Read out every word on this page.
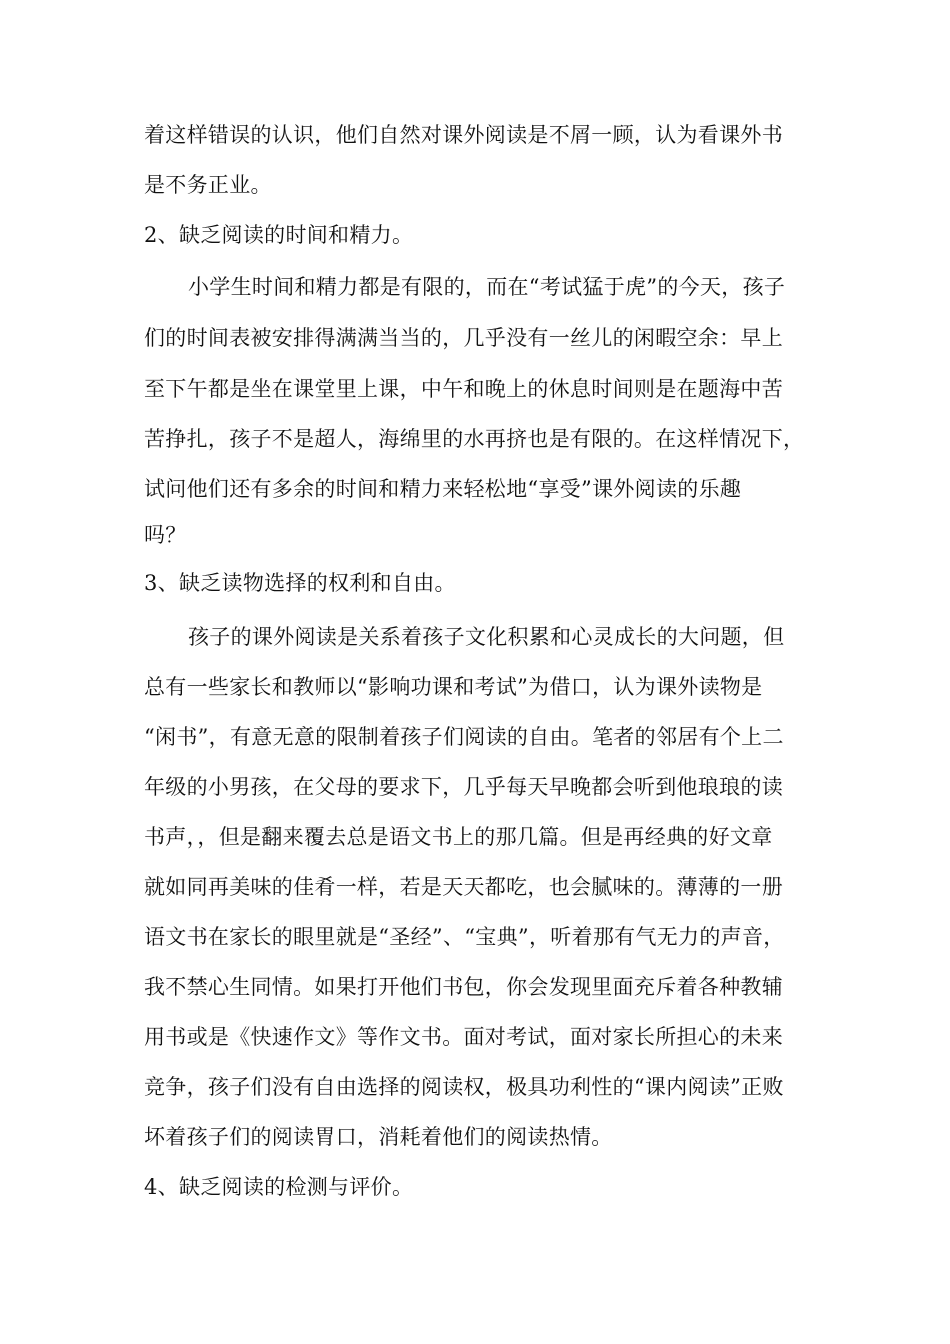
着这样错误的认识，他们自然对课外阅读是不屑一顾，认为看课外书
是不务正业。
2、缺乏阅读的时间和精力。
小学生时间和精力都是有限的，而在“考试猛于虎”的今天，孩子
们的时间表被安排得满满当当的，几乎没有一丝儿的闲暇空余：早上
至下午都是坐在课堂里上课，中午和晚上的休息时间则是在题海中苦
苦挣扎，孩子不是超人，海绵里的水再挤也是有限的。在这样情况下，
试问他们还有多余的时间和精力来轻松地“享受”课外阅读的乐趣
吗？
3、缺乏读物选择的权利和自由。
孩子的课外阅读是关系着孩子文化积累和心灵成长的大问题，但
总有一些家长和教师以“影响功课和考试”为借口，认为课外读物是
“闲书”，有意无意的限制着孩子们阅读的自由。笔者的邻居有个上二
年级的小男孩，在父母的要求下，几乎每天早晚都会听到他琅琅的读
书声，，但是翻来覆去总是语文书上的那几篇。但是再经典的好文章
就如同再美味的佳肴一样，若是天天都吃，也会腻味的。薄薄的一册
语文书在家长的眼里就是“圣经”、“宝典”，听着那有气无力的声音，
我不禁心生同情。如果打开他们书包，你会发现里面充斥着各种教辅
用书或是《快速作文》等作文书。面对考试，面对家长所担心的未来
竞争，孩子们没有自由选择的阅读权，极具功利性的“课内阅读”正败
坏着孩子们的阅读胃口，消耗着他们的阅读热情。
4、缺乏阅读的检测与评价。
